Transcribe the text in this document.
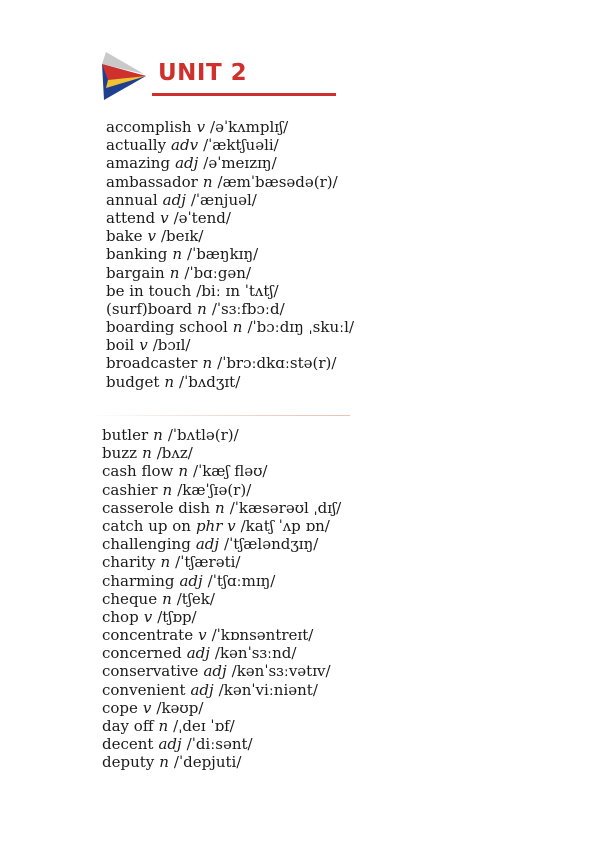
UNIT 2
accomplish v /əˈkʌmplɪʃ/
actually adv /ˈæktʃuəli/
amazing adj /əˈmeɪzɪŋ/
ambassador n /æmˈbæsədə(r)/
annual adj /ˈænjuəl/
attend v /əˈtend/
bake v /beɪk/
banking n /ˈbæŋkɪŋ/
bargain n /ˈbɑːgən/
be in touch /biː ɪn ˈtʌtʃ/
(surf)board n /ˈsɜːfbɔːd/
boarding school n /ˈbɔːdɪŋ ˌskuːl/
boil v /bɔɪl/
broadcaster n /ˈbrɔːdkɑːstə(r)/
budget n /ˈbʌdʒɪt/
butler n /ˈbʌtlə(r)/
buzz n /bʌz/
cash flow n /ˈkæʃ fləʊ/
cashier n /kæˈʃɪə(r)/
casserole dish n /ˈkæsərəʊl ˌdɪʃ/
catch up on phr v /katʃ ˈʌp ɒn/
challenging adj /ˈtʃæləndʒɪŋ/
charity n /ˈtʃærəti/
charming adj /ˈtʃɑːmɪŋ/
cheque n /tʃek/
chop v /tʃɒp/
concentrate v /ˈkɒnsəntreɪt/
concerned adj /kənˈsɜːnd/
conservative adj /kənˈsɜːvətɪv/
convenient adj /kənˈviːniənt/
cope v /kəʊp/
day off n /ˌdeɪ ˈɒf/
decent adj /ˈdiːsənt/
deputy n /ˈdepjuti/
